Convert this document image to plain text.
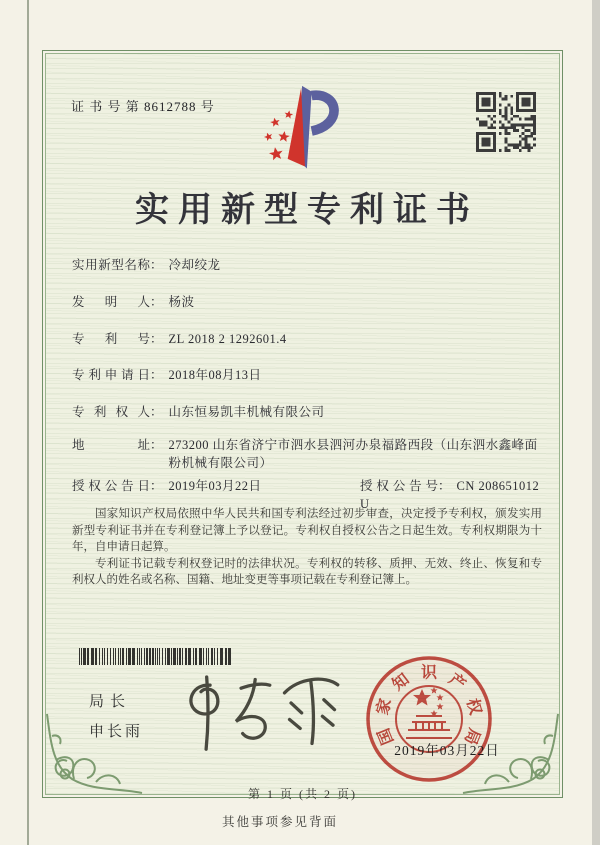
证 书 号 第 8612788 号
实用新型专利证书
实用新型名称： 冷却绞龙
发明人： 杨波
专利号： ZL 2018 2 1292601.4
专利申请日： 2018年08月13日
专利权人： 山东恒易凯丰机械有限公司
地址： 273200 山东省济宁市泗水县泗河办泉福路西段（山东泗水鑫峰面粉机械有限公司）
授权公告日： 2019年03月22日	授权公告号： CN 208651012 U

国家知识产权局依照中华人民共和国专利法经过初步审查，决定授予专利权，颁发实用新型专利证书并在专利登记簿上予以登记。专利权自授权公告之日起生效。专利权期限为十年，自申请日起算。

专利证书记载专利权登记时的法律状况。专利权的转移、质押、无效、终止、恢复和专利权人的姓名或名称、国籍、地址变更等事项记载在专利登记簿上。

局长
申长雨	国
家
知 识 产
权
局
2019年03月22日
第 1 页 (共 2 页)
其他事项参见背面
